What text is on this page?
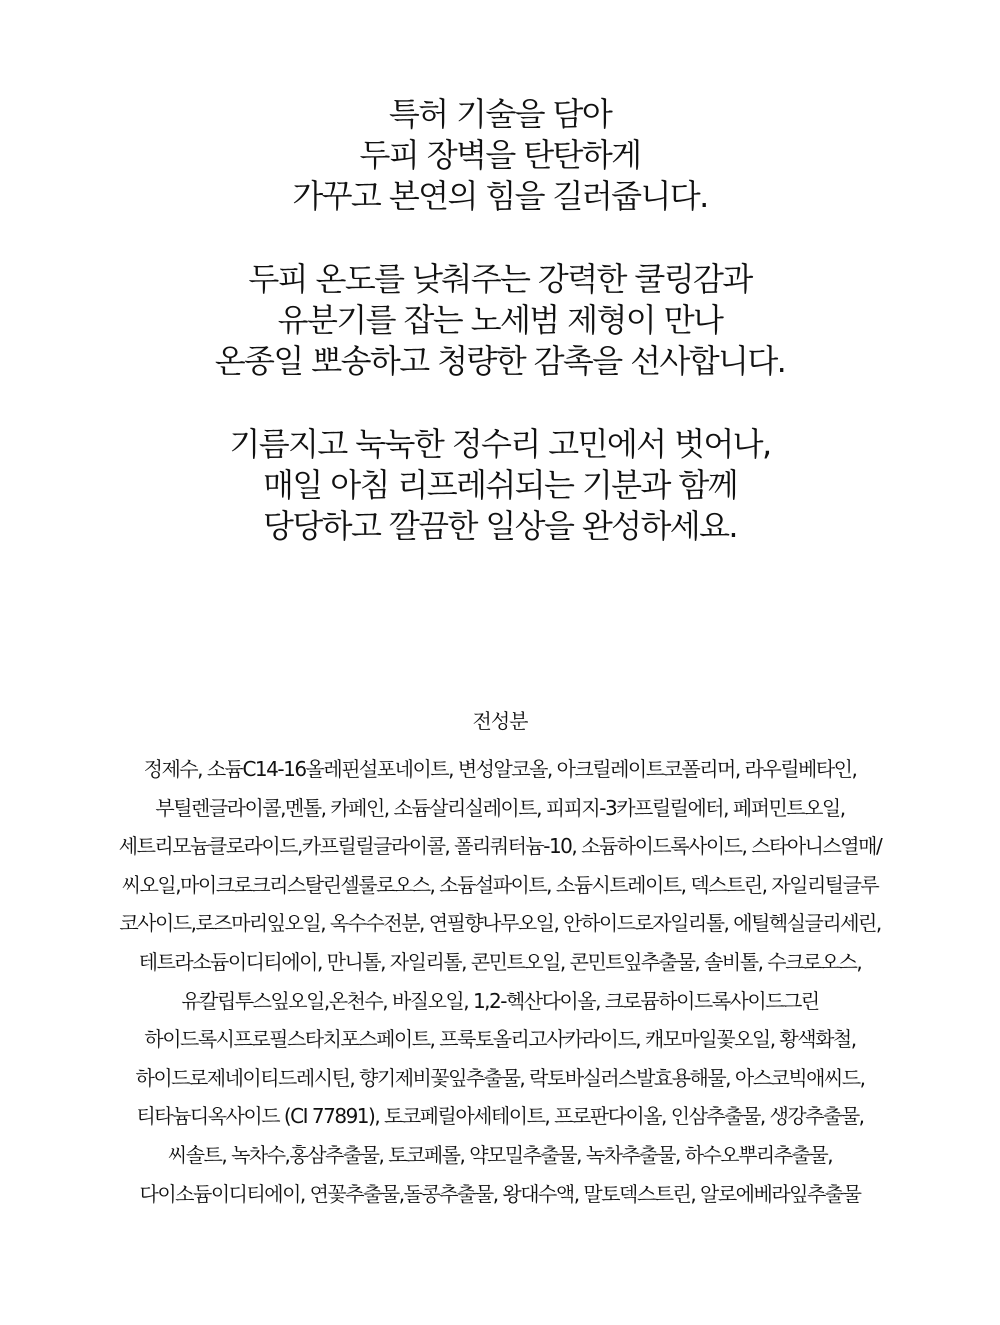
특허 기술을 담아
두피 장벽을 탄탄하게
가꾸고 본연의 힘을 길러줍니다.
두피 온도를 낮춰주는 강력한 쿨링감과
유분기를 잡는 노세범 제형이 만나
온종일 뽀송하고 청량한 감촉을 선사합니다.
기름지고 눅눅한 정수리 고민에서 벗어나,
매일 아침 리프레쉬되는 기분과 함께
당당하고 깔끔한 일상을 완성하세요.
전성분
정제수, 소듐C14-16올레핀설포네이트, 변성알코올, 아크릴레이트코폴리머, 라우릴베타인,
부틸렌글라이콜,멘톨, 카페인, 소듐살리실레이트, 피피지-3카프릴릴에터, 페퍼민트오일,
세트리모늄클로라이드,카프릴릴글라이콜, 폴리쿼터늄-10, 소듐하이드록사이드, 스타아니스열매/
씨오일,마이크로크리스탈린셀룰로오스, 소듐설파이트, 소듐시트레이트, 덱스트린, 자일리틸글루
코사이드,로즈마리잎오일, 옥수수전분, 연필향나무오일, 안하이드로자일리톨, 에틸헥실글리세린,
테트라소듐이디티에이, 만니톨, 자일리톨, 콘민트오일, 콘민트잎추출물, 솔비톨, 수크로오스,
유칼립투스잎오일,온천수, 바질오일, 1,2-헥산다이올, 크로뮴하이드록사이드그린
하이드록시프로필스타치포스페이트, 프룩토올리고사카라이드, 캐모마일꽃오일, 황색화철,
하이드로제네이티드레시틴, 향기제비꽃잎추출물, 락토바실러스발효용해물, 아스코빅애씨드,
티타늄디옥사이드 (CI 77891), 토코페릴아세테이트, 프로판다이올, 인삼추출물, 생강추출물,
씨솔트, 녹차수,홍삼추출물, 토코페롤, 약모밀추출물, 녹차추출물, 하수오뿌리추출물,
다이소듐이디티에이, 연꽃추출물,돌콩추출물, 왕대수액, 말토덱스트린, 알로에베라잎추출물
